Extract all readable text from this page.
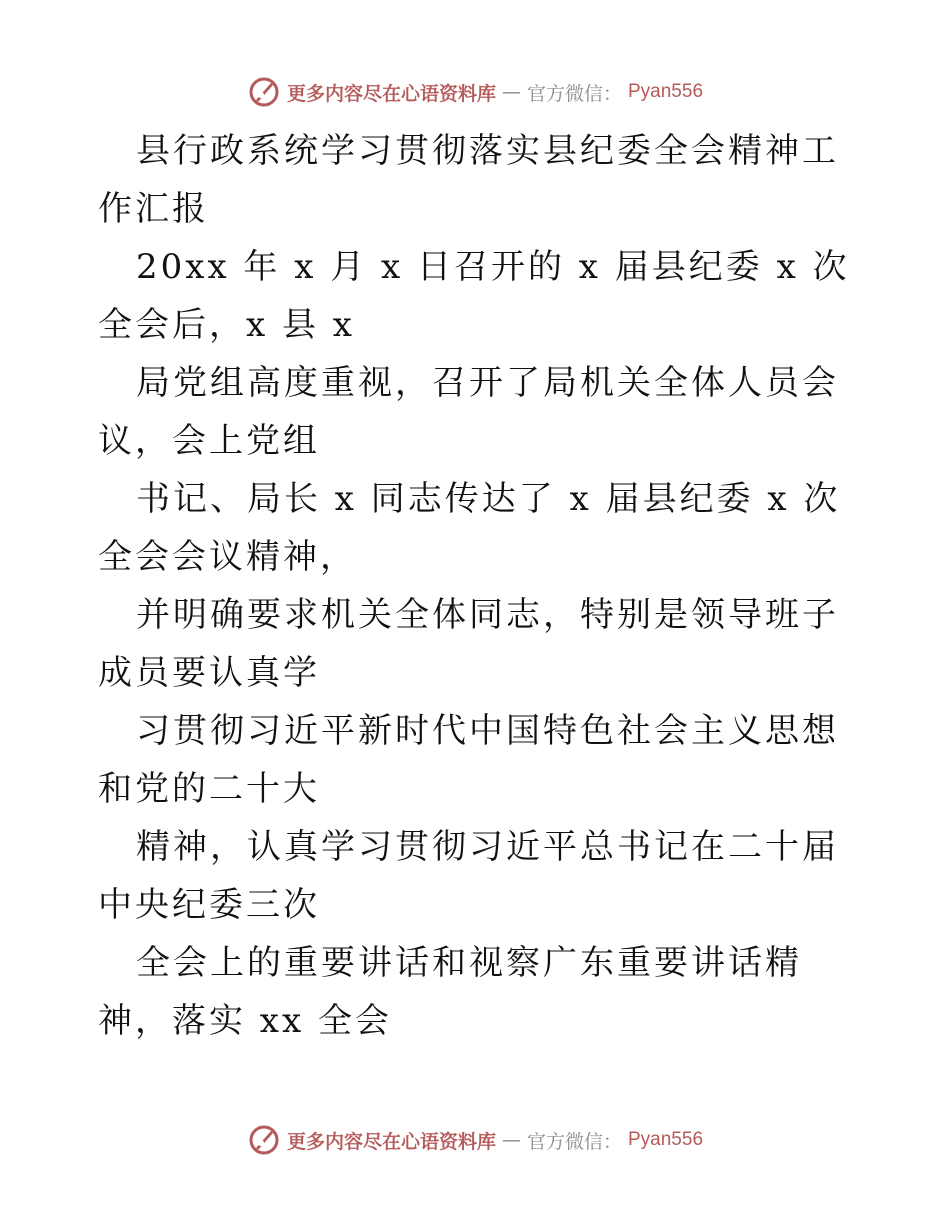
更多内容尽在心语资料库 — 官方微信： Pyan556

县行政系统学习贯彻落实县纪委全会精神工作汇报

20xx 年 x 月 x 日召开的 x 届县纪委 x 次全会后，x 县 x

局党组高度重视，召开了局机关全体人员会议，会上党组

书记、局长 x 同志传达了 x 届县纪委 x 次全会会议精神，

并明确要求机关全体同志，特别是领导班子成员要认真学

习贯彻习近平新时代中国特色社会主义思想和党的二十大

精神，认真学习贯彻习近平总书记在二十届中央纪委三次

全会上的重要讲话和视察广东重要讲话精神，落实 xx 全会

更多内容尽在心语资料库 — 官方微信： Pyan556
